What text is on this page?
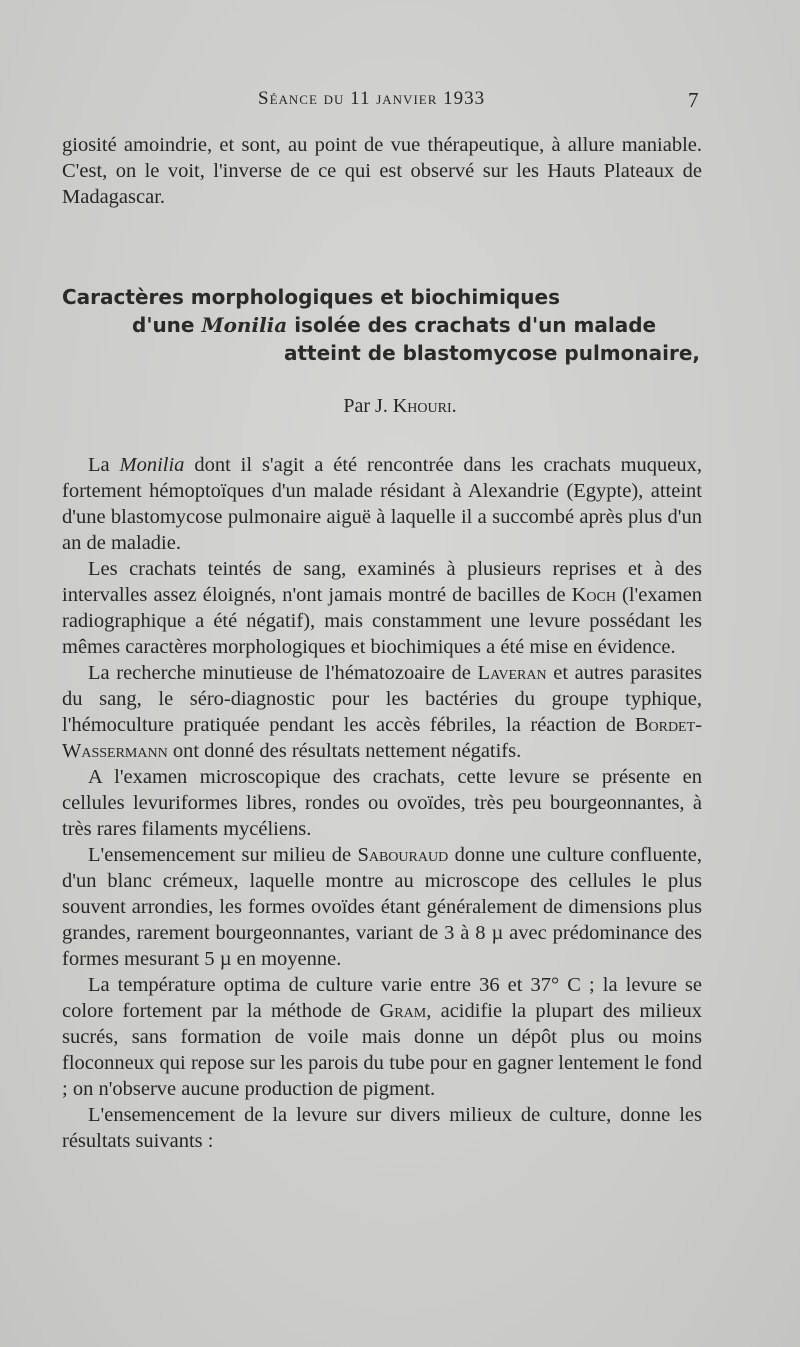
Séance du 11 janvier 1933	7

giosité amoindrie, et sont, au point de vue thérapeutique, à allure maniable. C'est, on le voit, l'inverse de ce qui est observé sur les Hauts Plateaux de Madagascar.

Caractères morphologiques et biochimiques
d'une Monilia isolée des crachats d'un malade
atteint de blastomycose pulmonaire,
Par J. Khouri.

La Monilia dont il s'agit a été rencontrée dans les crachats muqueux, fortement hémoptoïques d'un malade résidant à Alexandrie (Egypte), atteint d'une blastomycose pulmonaire aiguë à laquelle il a succombé après plus d'un an de maladie.

Les crachats teintés de sang, examinés à plusieurs reprises et à des intervalles assez éloignés, n'ont jamais montré de bacilles de Koch (l'examen radiographique a été négatif), mais constamment une levure possédant les mêmes caractères morphologiques et biochimiques a été mise en évidence.

La recherche minutieuse de l'hématozoaire de Laveran et autres parasites du sang, le séro-diagnostic pour les bactéries du groupe typhique, l'hémoculture pratiquée pendant les accès fébriles, la réaction de Bordet-Wassermann ont donné des résultats nettement négatifs.

A l'examen microscopique des crachats, cette levure se présente en cellules levuriformes libres, rondes ou ovoïdes, très peu bourgeonnantes, à très rares filaments mycéliens.

L'ensemencement sur milieu de Sabouraud donne une culture confluente, d'un blanc crémeux, laquelle montre au microscope des cellules le plus souvent arrondies, les formes ovoïdes étant généralement de dimensions plus grandes, rarement bourgeonnantes, variant de 3 à 8 µ avec prédominance des formes mesurant 5 µ en moyenne.

La température optima de culture varie entre 36 et 37° C ; la levure se colore fortement par la méthode de Gram, acidifie la plupart des milieux sucrés, sans formation de voile mais donne un dépôt plus ou moins floconneux qui repose sur les parois du tube pour en gagner lentement le fond ; on n'observe aucune production de pigment.

L'ensemencement de la levure sur divers milieux de culture, donne les résultats suivants :
